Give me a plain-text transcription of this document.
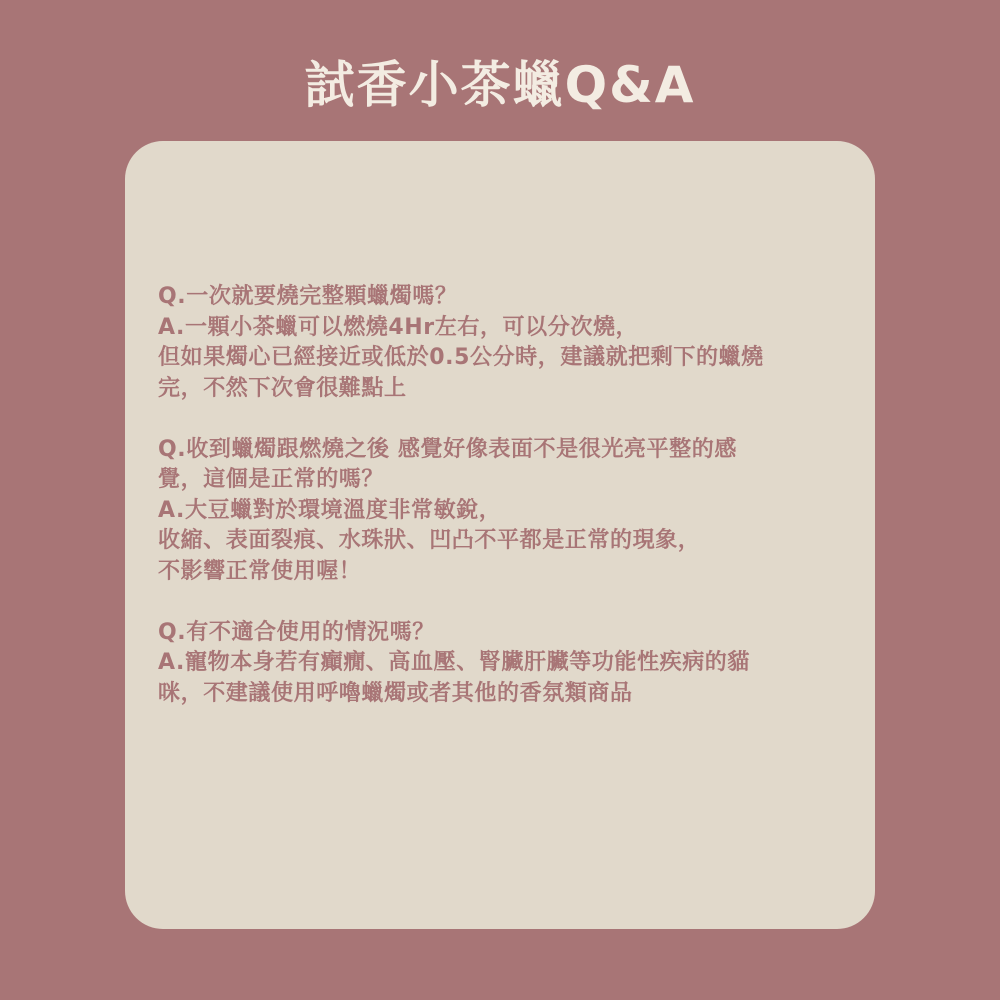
試香小茶蠟Q&A
Q.一次就要燒完整顆蠟燭嗎？
A.一顆小茶蠟可以燃燒4Hr左右，可以分次燒，
但如果燭心已經接近或低於0.5公分時，建議就把剩下的蠟燒
完，不然下次會很難點上
Q.收到蠟燭跟燃燒之後 感覺好像表面不是很光亮平整的感
覺，這個是正常的嗎？
A.大豆蠟對於環境溫度非常敏銳，
收縮、表面裂痕、水珠狀、凹凸不平都是正常的現象，
不影響正常使用喔！
Q.有不適合使用的情況嗎？
A.寵物本身若有癲癇、高血壓、腎臟肝臟等功能性疾病的貓
咪，不建議使用呼嚕蠟燭或者其他的香氛類商品
